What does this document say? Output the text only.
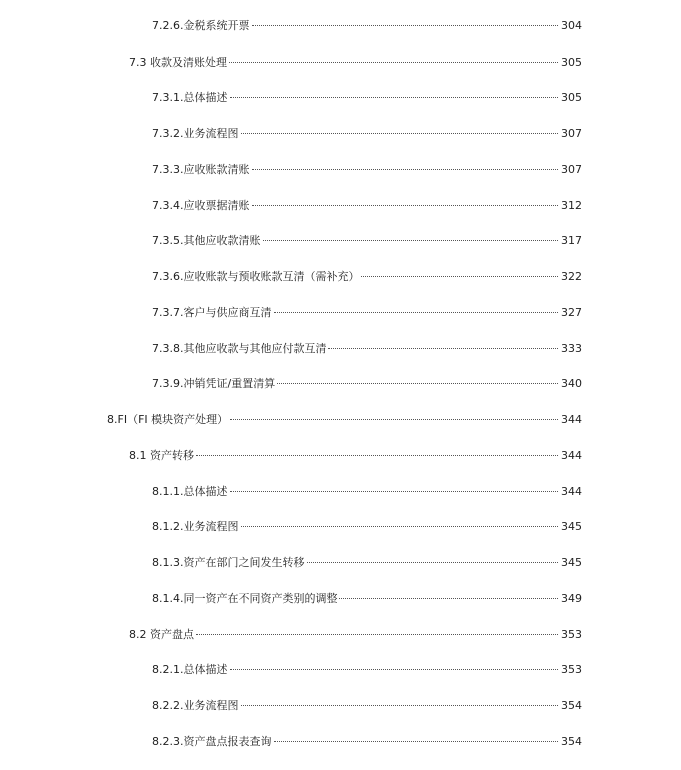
7.2.6.金税系统开票	304
7.3 收款及清账处理	305
7.3.1.总体描述	305
7.3.2.业务流程图	307
7.3.3.应收账款清账	307
7.3.4.应收票据清账	312
7.3.5.其他应收款清账	317
7.3.6.应收账款与预收账款互清（需补充）	322
7.3.7.客户与供应商互清	327
7.3.8.其他应收款与其他应付款互清	333
7.3.9.冲销凭证/重置清算	340
8.FI（FI 模块资产处理）	344
8.1 资产转移	344
8.1.1.总体描述	344
8.1.2.业务流程图	345
8.1.3.资产在部门之间发生转移	345
8.1.4.同一资产在不同资产类别的调整	349
8.2 资产盘点	353
8.2.1.总体描述	353
8.2.2.业务流程图	354
8.2.3.资产盘点报表查询	354
